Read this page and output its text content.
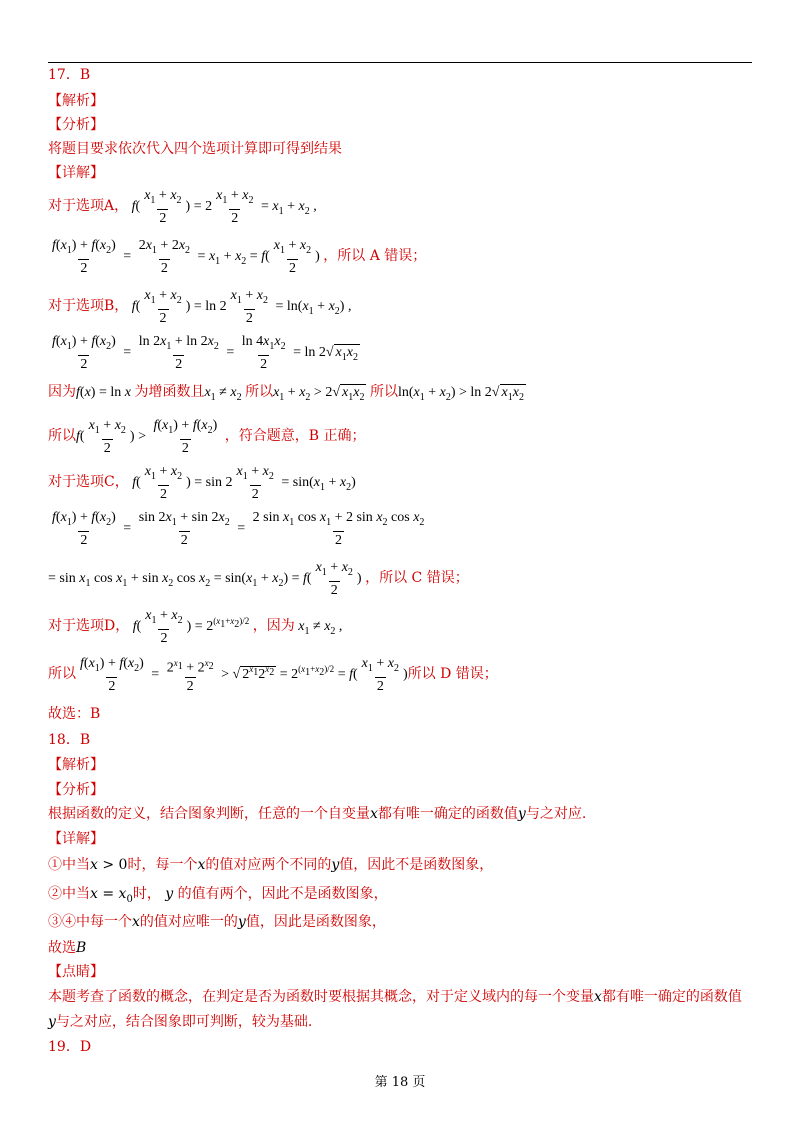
17．B
【解析】
【分析】
将题目要求依次代入四个选项计算即可得到结果
【详解】
对于选项A， $f( \frac{x_1 + x_2}{2}$ ) = $2 \frac{x_1 + x_2}{2} = x_1 + x_2$ ,
$\frac{f(x_1) + f(x_2)}{2} = \frac{2x_1 + 2x_2}{2} = x_1 + x_2 = f( \frac{x_1 + x_2}{2}$ ) ，所以 A 错误；
对于选项B， $f( \frac{x_1 + x_2}{2}$ ) = $\ln 2 \frac{x_1 + x_2}{2} = \ln(x_1 + x_2)$ ,
$\frac{f(x_1) + f(x_2)}{2} = \frac{\ln 2x_1 + \ln 2x_2}{2} = \frac{\ln 4x_1x_2}{2} = \ln 2√$ $x_1x_2$
因为f(x) = ln x 为增函数且$x_1 \ne x_2$ 所以$x_1 + x_2 > 2√$ $x_1x_2$ 所以$\ln(x_1 + x_2) > \ln 2√$ $x_1x_2$
所以$f( \frac{x_1 + x_2}{2}$ ) > $\frac{f(x_1) + f(x_2)}{2}$ ，符合题意，B 正确；
对于选项C， $f( \frac{x_1 + x_2}{2}$ ) = $\sin 2 \frac{x_1 + x_2}{2} = \sin(x_1 + x_2)$
$\frac{f(x_1) + f(x_2)}{2} = \frac{\sin 2x_1 + \sin 2x_2}{2} = \frac{2 \sin x_1 \cos x_1 + 2 \sin x_2 \cos x_2}{2}$
= $\sin x_1$ $\cos x_1 + \sin x_2$ $\cos x_2 = \sin(x_1 + x_2) = f( \frac{x_1 + x_2}{2}$ ) ，所以 C 错误；
对于选项D， $f( \frac{x_1 + x_2}{2}$ ) = $2^{(x_1+x_2)/2}$ ，因为 $x_1 \ne x_2$ ,
所以 $\frac{f(x_1) + f(x_2)}{2} = \frac{2^{x_1} + 2^{x_2}}{2}$ > √ $2^{x_1}2^{x_2} = 2^{(x_1+x_2)/2} = f( \frac{x_1 + x_2}{2}$ )所以 D 错误；
故选：B
18．B
【解析】
【分析】
根据函数的定义，结合图象判断，任意的一个自变量x都有唯一确定的函数值y与之对应.
【详解】
①中当x > 0时，每一个x的值对应两个不同的y值，因此不是函数图象，
②中当$x = x_0$时， y 的值有两个，因此不是函数图象，
③④中每一个x的值对应唯一的y值，因此是函数图象，
故选B
【点睛】
本题考查了函数的概念，在判定是否为函数时要根据其概念，对于定义域内的每一个变量x都有唯一确定的函数值
y与之对应，结合图象即可判断，较为基础.
19．D
第 18 页
